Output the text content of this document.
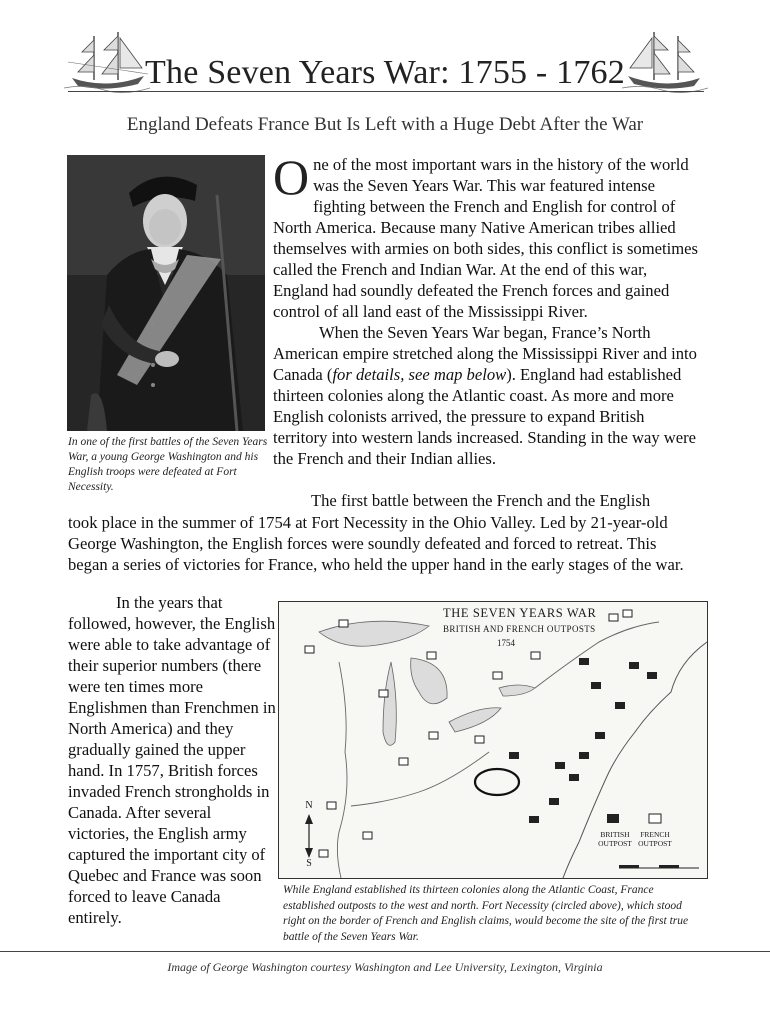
The Seven Years War: 1755 - 1762
England Defeats France But Is Left with a Huge Debt After the War
In one of the first battles of the Seven Years War, a young George Washington and his English troops were defeated at Fort Necessity.

One of the most important wars in the history of the world was the Seven Years War. This war featured intense fighting between the French and English for control of North America. Because many Native American tribes allied themselves with armies on both sides, this conflict is sometimes called the French and Indian War. At the end of this war, England had soundly defeated the French forces and gained control of all land east of the Mississippi River.

When the Seven Years War began, France’s North American empire stretched along the Mississippi River and into Canada (for details, see map below). England had established thirteen colonies along the Atlantic coast. As more and more English colonists arrived, the pressure to expand British territory into western lands increased. Standing in the way were the French and their Indian allies.

The first battle between the French and the English
took place in the summer of 1754 at Fort Necessity in the Ohio Valley. Led by 21-year-old George Washington, the English forces were soundly defeated and forced to retreat. This began a series of victories for France, who held the upper hand in the early stages of the war.
In the years that followed, however, the English were able to take advantage of their superior numbers (there were ten times more Englishmen than Frenchmen in North America) and they gradually gained the upper hand. In 1757, British forces invaded French strongholds in Canada. After several victories, the English army captured the important city of Quebec and France was soon forced to leave Canada entirely.
THE SEVEN YEARS WAR
BRITISH AND FRENCH OUTPOSTS
1754
N
S
BRITISH OUTPOST
FRENCH OUTPOST
While England established its thirteen colonies along the Atlantic Coast, France established outposts to the west and north. Fort Necessity (circled above), which stood right on the border of French and English claims, would become the site of the first true battle of the Seven Years War.
Image of George Washington courtesy Washington and Lee University, Lexington, Virginia
